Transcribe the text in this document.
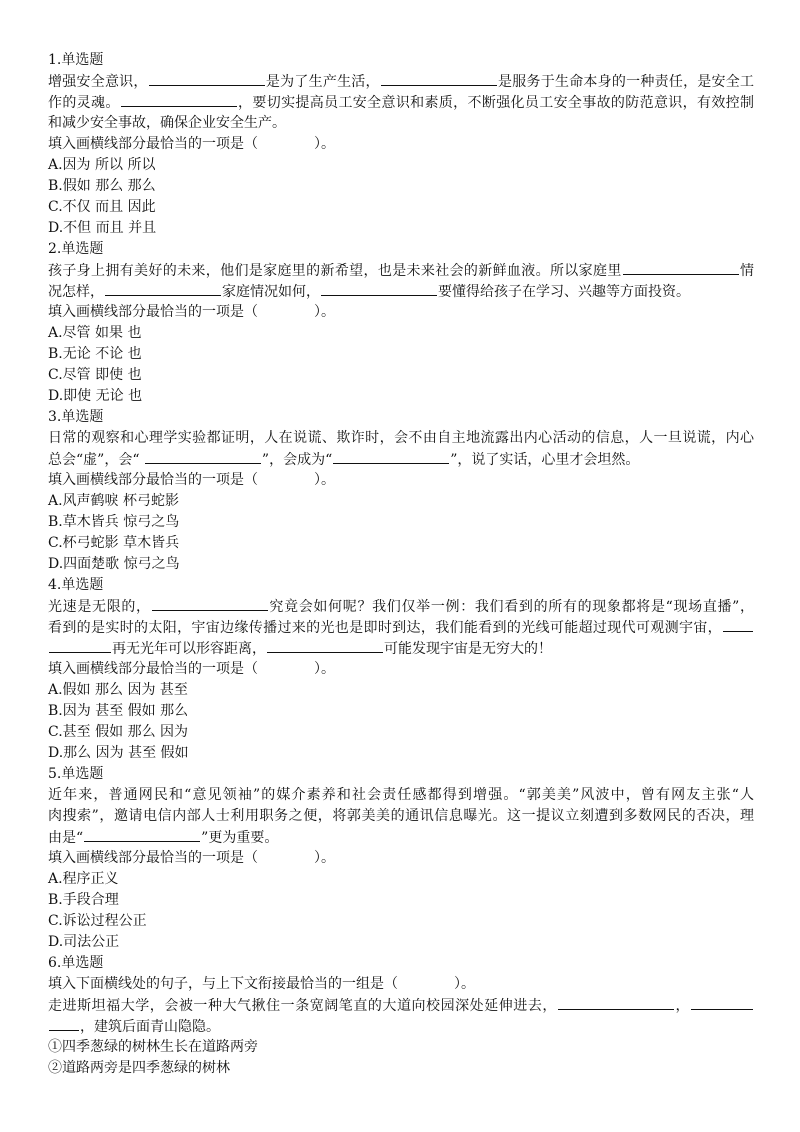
1.单选题
增强安全意识，	是为了生产生活，	是服务于生命本身的一种责任，是安全工
作的灵魂。	，要切实提高员工安全意识和素质，不断强化员工安全事故的防范意识，有效控制
和减少安全事故，确保企业安全生产。
填入画横线部分最恰当的一项是（　　　　）。
A.因为 所以 所以
B.假如 那么 那么
C.不仅 而且 因此
D.不但 而且 并且
2.单选题
孩子身上拥有美好的未来，他们是家庭里的新希望，也是未来社会的新鲜血液。所以家庭里	情
况怎样，	家庭情况如何，	要懂得给孩子在学习、兴趣等方面投资。
填入画横线部分最恰当的一项是（　　　　）。
A.尽管 如果 也
B.无论 不论 也
C.尽管 即使 也
D.即使 无论 也
3.单选题
日常的观察和心理学实验都证明，人在说谎、欺诈时，会不由自主地流露出内心活动的信息，人一旦说谎，内心
总会“虚”，会“	”，会成为“	”，说了实话，心里才会坦然。
填入画横线部分最恰当的一项是（　　　　）。
A.风声鹤唳 杯弓蛇影
B.草木皆兵 惊弓之鸟
C.杯弓蛇影 草木皆兵
D.四面楚歌 惊弓之鸟
4.单选题
光速是无限的，	究竟会如何呢？我们仅举一例：我们看到的所有的现象都将是“现场直播”，
看到的是实时的太阳，宇宙边缘传播过来的光也是即时到达，我们能看到的光线可能超过现代可观测宇宙，
再无光年可以形容距离，	可能发现宇宙是无穷大的！
填入画横线部分最恰当的一项是（　　　　）。
A.假如 那么 因为 甚至
B.因为 甚至 假如 那么
C.甚至 假如 那么 因为
D.那么 因为 甚至 假如
5.单选题
近年来，普通网民和“意见领袖”的媒介素养和社会责任感都得到增强。“郭美美”风波中，曾有网友主张“人
肉搜索”，邀请电信内部人士利用职务之便，将郭美美的通讯信息曝光。这一提议立刻遭到多数网民的否决，理
由是“	”更为重要。
填入画横线部分最恰当的一项是（　　　　）。
A.程序正义
B.手段合理
C.诉讼过程公正
D.司法公正
6.单选题
填入下面横线处的句子，与上下文衔接最恰当的一组是（　　　　）。
走进斯坦福大学，会被一种大气揪住一条宽阔笔直的大道向校园深处延伸进去，	，
，建筑后面青山隐隐。
①四季葱绿的树林生长在道路两旁
②道路两旁是四季葱绿的树林
